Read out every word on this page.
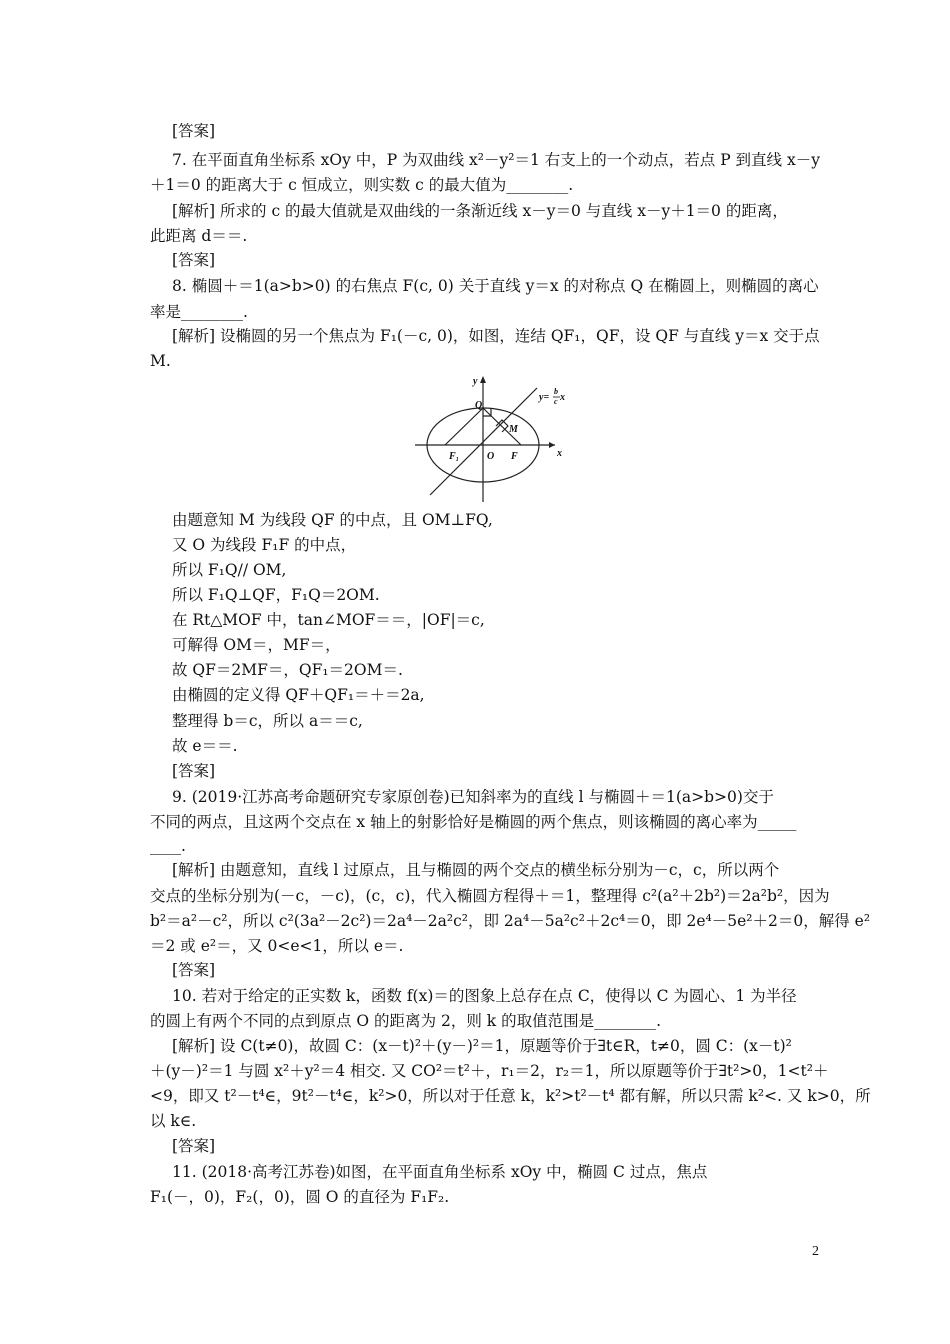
[答案]
7. 在平面直角坐标系 xOy 中，P 为双曲线 x²－y²＝1 右支上的一个动点，若点 P 到直线 x－y
＋1＝0 的距离大于 c 恒成立，则实数 c 的最大值为________.
[解析] 所求的 c 的最大值就是双曲线的一条渐近线 x－y＝0 与直线 x－y＋1＝0 的距离，
此距离 d＝＝.
[答案]
8. 椭圆＋＝1(a>b>0) 的右焦点 F(c, 0) 关于直线 y＝x 的对称点 Q 在椭圆上，则椭圆的离心
率是________.
[解析] 设椭圆的另一个焦点为 F₁(－c, 0)，如图，连结 QF₁，QF，设 QF 与直线 y＝x 交于点
M.
x
y
O
F₁	F
Q
M
y=
b
c x
由题意知 M 为线段 QF 的中点，且 OM⊥FQ,
又 O 为线段 F₁F 的中点，
所以 F₁Q// OM,
所以 F₁Q⊥QF，F₁Q＝2OM.
在 Rt△MOF 中，tan∠MOF＝＝，|OF|＝c,
可解得 OM＝，MF＝，
故 QF＝2MF＝，QF₁＝2OM＝.
由椭圆的定义得 QF＋QF₁＝＋＝2a,
整理得 b＝c，所以 a＝＝c,
故 e＝＝.
[答案]
9. (2019·江苏高考命题研究专家原创卷)已知斜率为的直线 l 与椭圆＋＝1(a>b>0)交于
不同的两点，且这两个交点在 x 轴上的射影恰好是椭圆的两个焦点，则该椭圆的离心率为_____
____.
[解析] 由题意知，直线 l 过原点，且与椭圆的两个交点的横坐标分别为－c，c，所以两个
交点的坐标分别为(－c，－c)，(c，c)，代入椭圆方程得＋＝1，整理得 c²(a²＋2b²)＝2a²b²，因为
b²＝a²－c²，所以 c²(3a²－2c²)＝2a⁴－2a²c²，即 2a⁴－5a²c²＋2c⁴＝0，即 2e⁴－5e²＋2＝0，解得 e²
＝2 或 e²＝，又 0<e<1，所以 e＝.
[答案]
10. 若对于给定的正实数 k，函数 f(x)＝的图象上总存在点 C，使得以 C 为圆心、1 为半径
的圆上有两个不同的点到原点 O 的距离为 2，则 k 的取值范围是________.
[解析] 设 C(t≠0)，故圆 C：(x－t)²＋(y－)²＝1，原题等价于∃t∈R，t≠0，圆 C：(x－t)²
＋(y－)²＝1 与圆 x²＋y²＝4 相交. 又 CO²＝t²＋，r₁＝2，r₂＝1，所以原题等价于∃t²>0，1<t²＋
<9，即又 t²－t⁴∈，9t²－t⁴∈，k²>0，所以对于任意 k，k²>t²－t⁴ 都有解，所以只需 k²<. 又 k>0，所
以 k∈.
[答案]
11. (2018·高考江苏卷)如图，在平面直角坐标系 xOy 中，椭圆 C 过点，焦点
F₁(－，0)，F₂(，0)，圆 O 的直径为 F₁F₂.
2
